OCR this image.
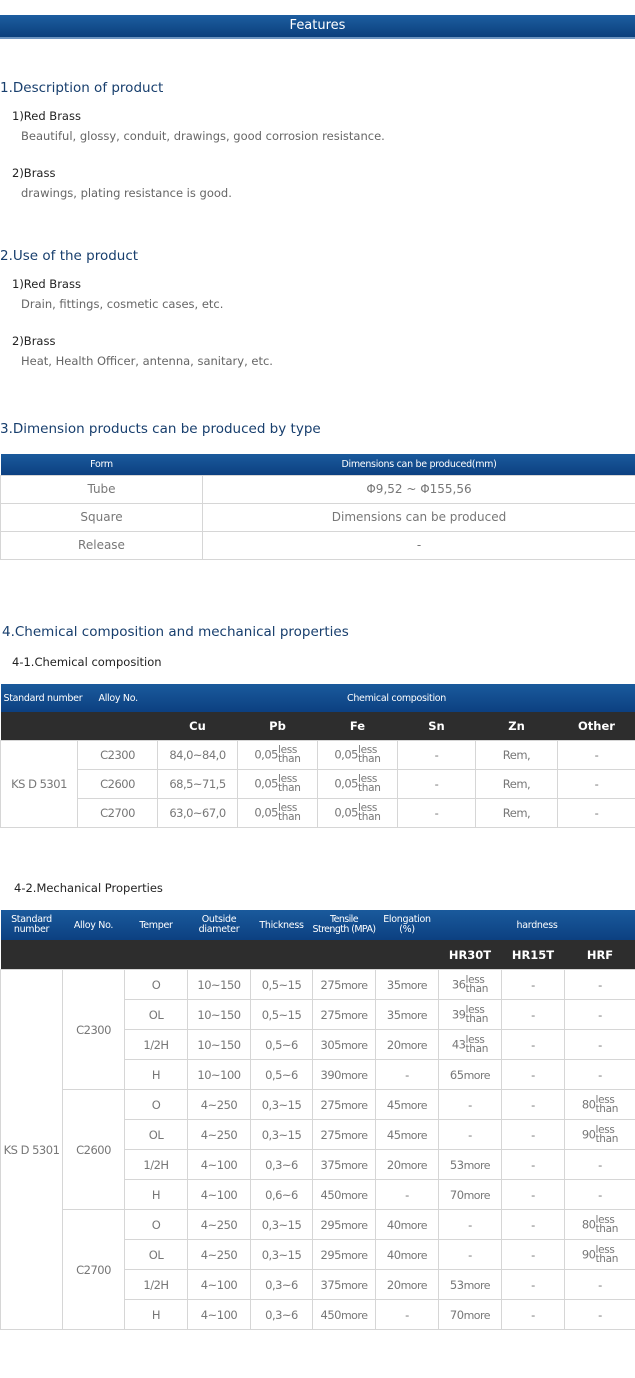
Features
1.Description of product
1)Red Brass
Beautiful, glossy, conduit, drawings, good corrosion resistance.
2)Brass
drawings, plating resistance is good.
2.Use of the product
1)Red Brass
Drain, fittings, cosmetic cases, etc.
2)Brass
Heat, Health Officer, antenna, sanitary, etc.
3.Dimension products can be produced by type
Form	Dimensions can be produced(mm)
Tube	Φ9,52 ~ Φ155,56
Square	Dimensions can be produced
Release	-
4.Chemical composition and mechanical properties
4-1.Chemical composition
Standard number	Alloy No.	Chemical composition					
		Cu	Pb	Fe	Sn	Zn	Other
KS D 5301	C2300	84,0~84,0	0,05less
than	0,05less
than	-	Rem,	-
	C2600	68,5~71,5	0,05less
than	0,05less
than	-	Rem,	-
	C2700	63,0~67,0	0,05less
than	0,05less
than	-	Rem,	-
4-2.Mechanical Properties
Standard number	Alloy No.	Temper	Outside diameter	Thickness	Tensile Strength (MPA)	Elongation (%)	hardness		
							HR30T	HR15T	HRF
KS D 5301	C2300	O	10~150	0,5~15	275more	35more	36less
than	-	-
		OL	10~150	0,5~15	275more	35more	39less
than	-	-
		1/2H	10~150	0,5~6	305more	20more	43less
than	-	-
		H	10~100	0,5~6	390more	-	65more	-	-
	C2600	O	4~250	0,3~15	275more	45more	-	-	80less
than
		OL	4~250	0,3~15	275more	45more	-	-	90less
than
		1/2H	4~100	0,3~6	375more	20more	53more	-	-
		H	4~100	0,6~6	450more	-	70more	-	-
	C2700	O	4~250	0,3~15	295more	40more	-	-	80less
than
		OL	4~250	0,3~15	295more	40more	-	-	90less
than
		1/2H	4~100	0,3~6	375more	20more	53more	-	-
		H	4~100	0,3~6	450more	-	70more	-	-
